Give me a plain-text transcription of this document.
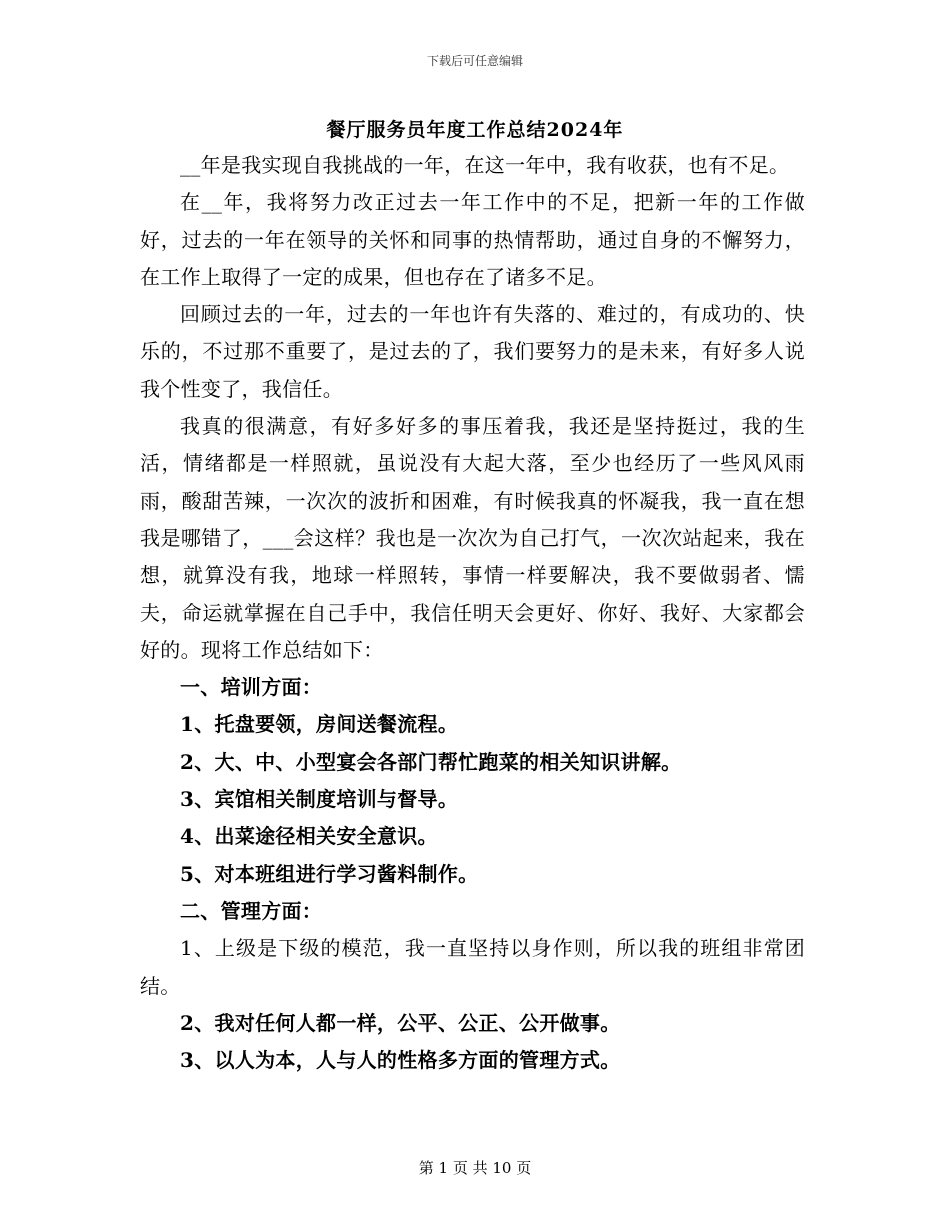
下载后可任意编辑
餐厅服务员年度工作总结2024年

__年是我实现自我挑战的一年，在这一年中，我有收获，也有不足。

在__年，我将努力改正过去一年工作中的不足，把新一年的工作做好，过去的一年在领导的关怀和同事的热情帮助，通过自身的不懈努力，在工作上取得了一定的成果，但也存在了诸多不足。

回顾过去的一年，过去的一年也许有失落的、难过的，有成功的、快乐的，不过那不重要了，是过去的了，我们要努力的是未来，有好多人说我个性变了，我信任。

我真的很满意，有好多好多的事压着我，我还是坚持挺过，我的生活，情绪都是一样照就，虽说没有大起大落，至少也经历了一些风风雨雨，酸甜苦辣，一次次的波折和困难，有时候我真的怀凝我，我一直在想我是哪错了，___会这样？我也是一次次为自己打气，一次次站起来，我在想，就算没有我，地球一样照转，事情一样要解决，我不要做弱者、懦夫，命运就掌握在自己手中，我信任明天会更好、你好、我好、大家都会好的。现将工作总结如下：

一、培训方面：

1、托盘要领，房间送餐流程。

2、大、中、小型宴会各部门帮忙跑菜的相关知识讲解。

3、宾馆相关制度培训与督导。

4、出菜途径相关安全意识。

5、对本班组进行学习酱料制作。

二、管理方面：

1、上级是下级的模范，我一直坚持以身作则，所以我的班组非常团结。

2、我对任何人都一样，公平、公正、公开做事。

3、以人为本，人与人的性格多方面的管理方式。

第 1 页 共 10 页
